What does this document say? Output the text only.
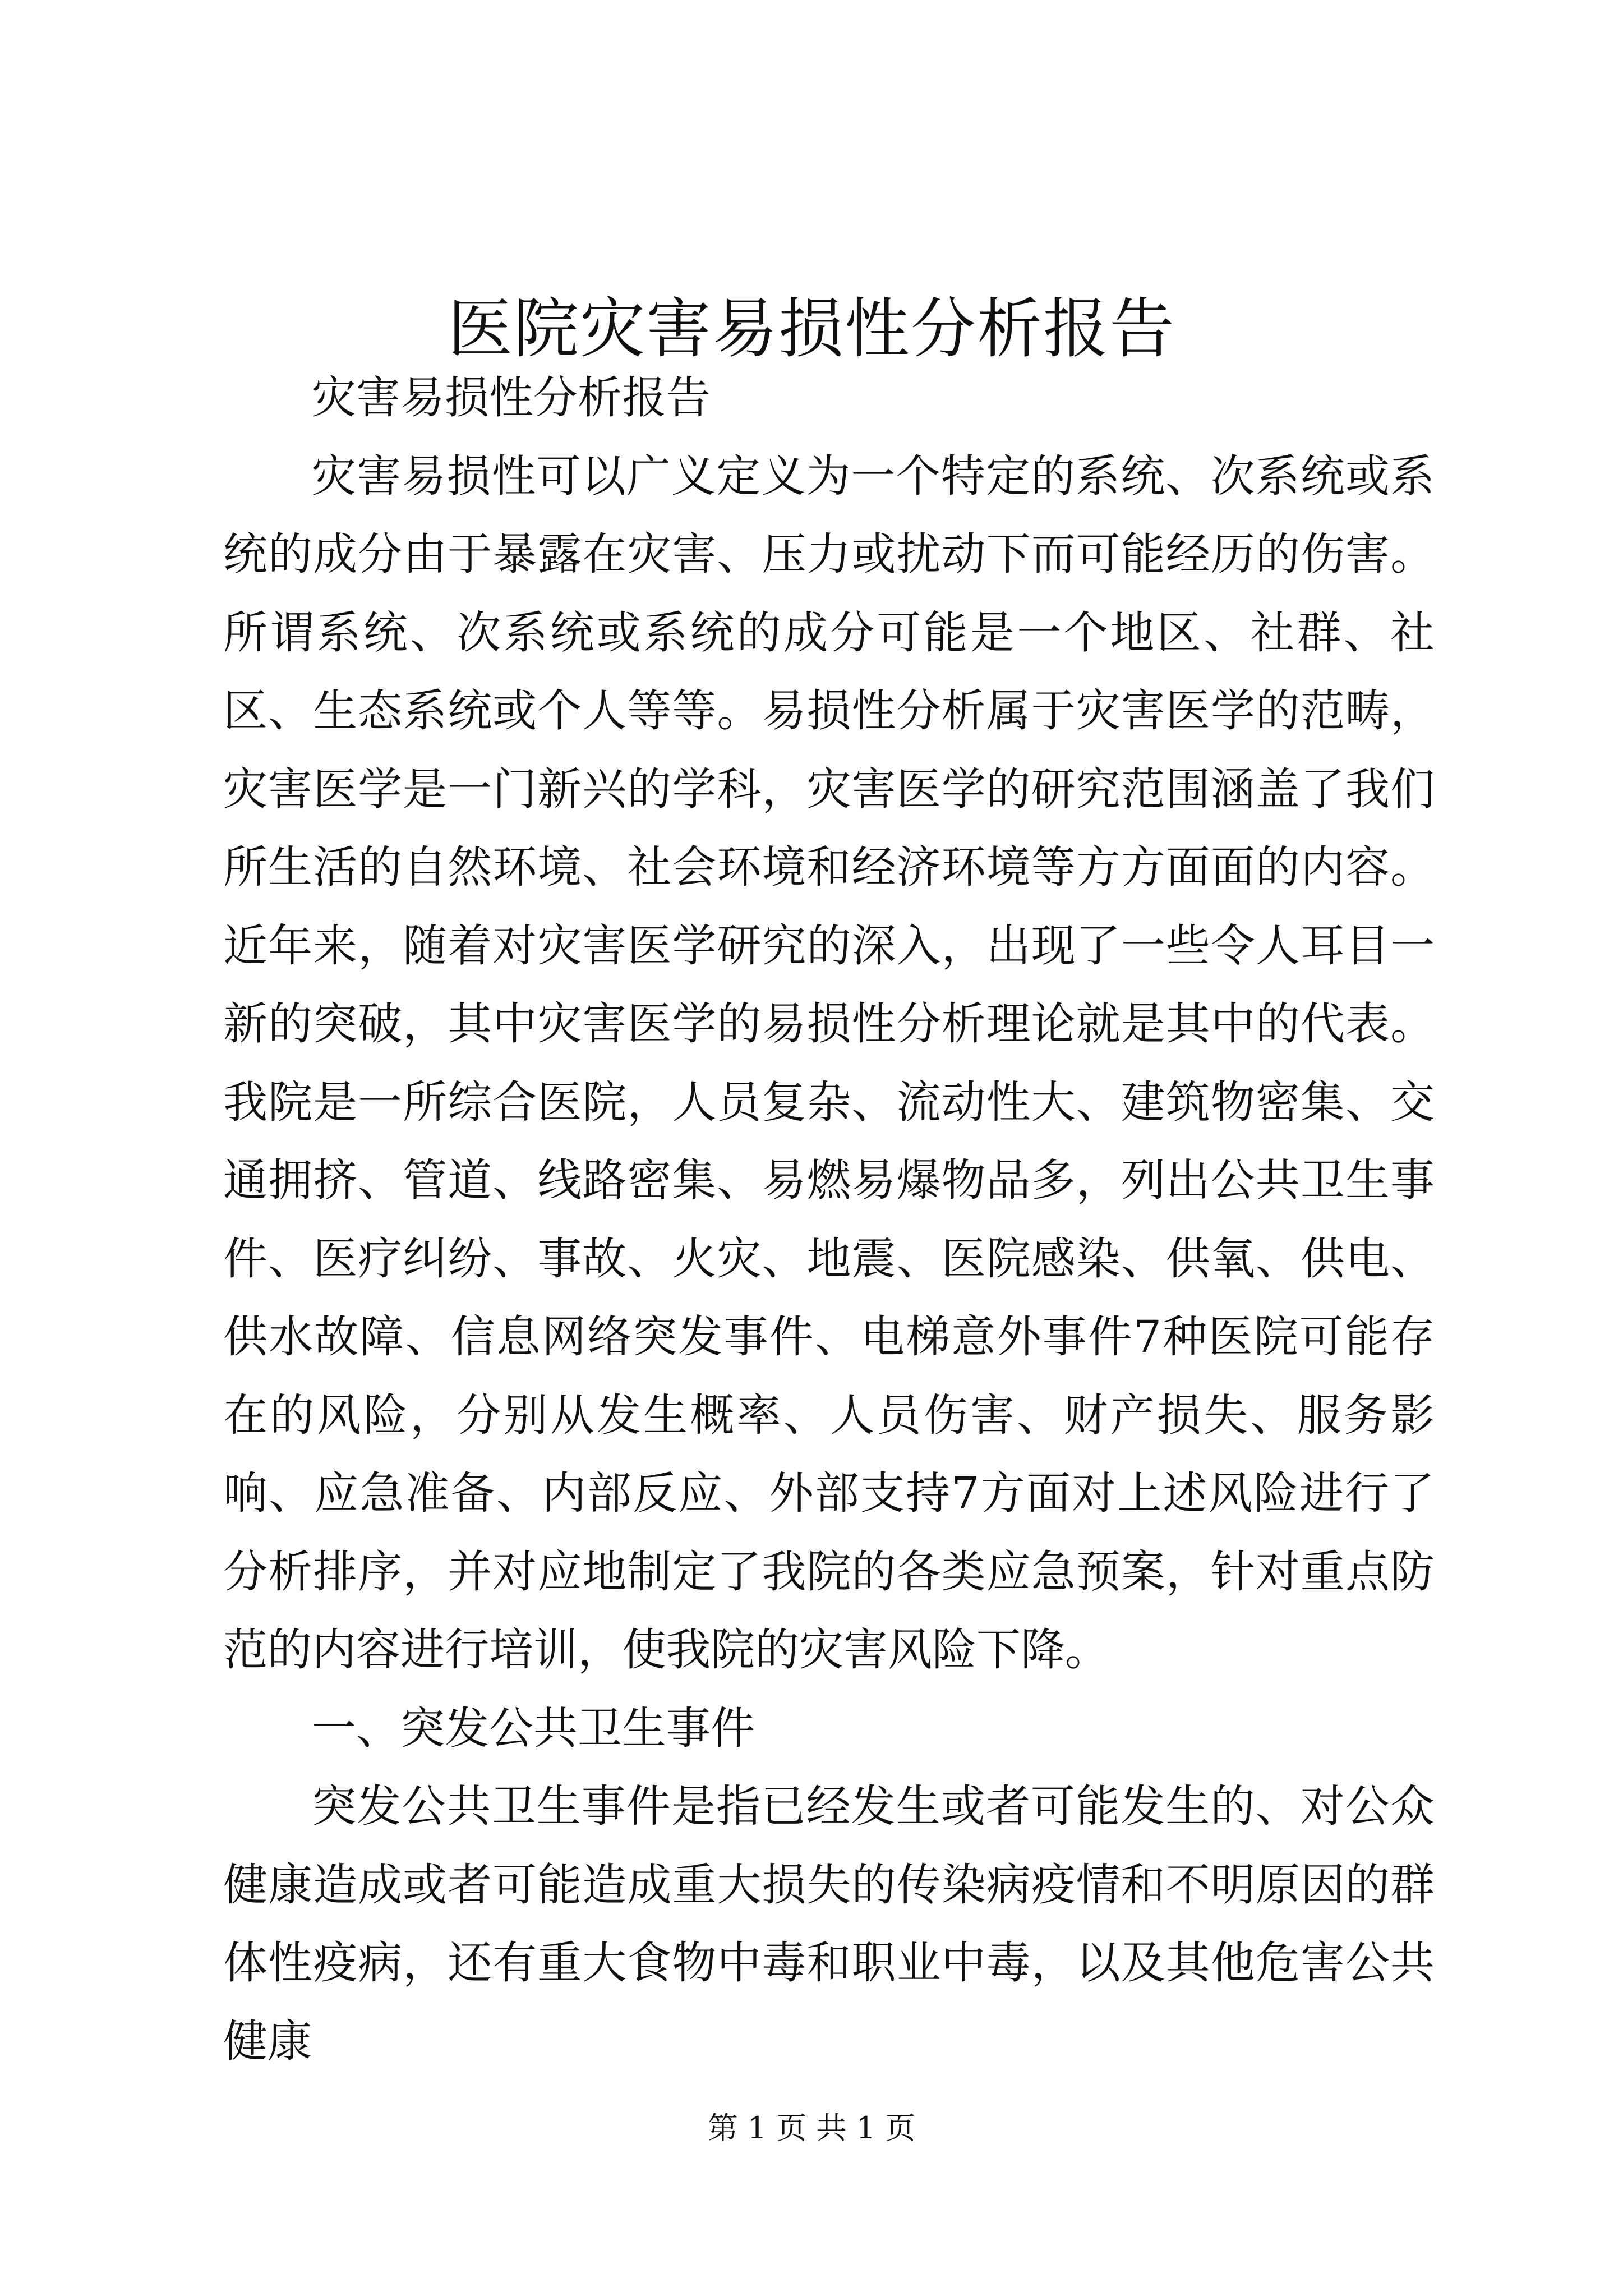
医院灾害易损性分析报告

灾害易损性分析报告

灾害易损性可以广义定义为一个特定的系统、次系统或系统的成分由于暴露在灾害、压力或扰动下而可能经历的伤害。所谓系统、次系统或系统的成分可能是一个地区、社群、社区、生态系统或个人等等。易损性分析属于灾害医学的范畴，灾害医学是一门新兴的学科，灾害医学的研究范围涵盖了我们所生活的自然环境、社会环境和经济环境等方方面面的内容。近年来，随着对灾害医学研究的深入，出现了一些令人耳目一新的突破，其中灾害医学的易损性分析理论就是其中的代表。我院是一所综合医院，人员复杂、流动性大、建筑物密集、交通拥挤、管道、线路密集、易燃易爆物品多，列出公共卫生事件、医疗纠纷、事故、火灾、地震、医院感染、供氧、供电、供水故障、信息网络突发事件、电梯意外事件7种医院可能存在的风险，分别从发生概率、人员伤害、财产损失、服务影响、应急准备、内部反应、外部支持7方面对上述风险进行了分析排序，并对应地制定了我院的各类应急预案，针对重点防范的内容进行培训，使我院的灾害风险下降。

一、突发公共卫生事件

突发公共卫生事件是指已经发生或者可能发生的、对公众健康造成或者可能造成重大损失的传染病疫情和不明原因的群体性疫病，还有重大食物中毒和职业中毒，以及其他危害公共健康

第 1 页 共 1 页
